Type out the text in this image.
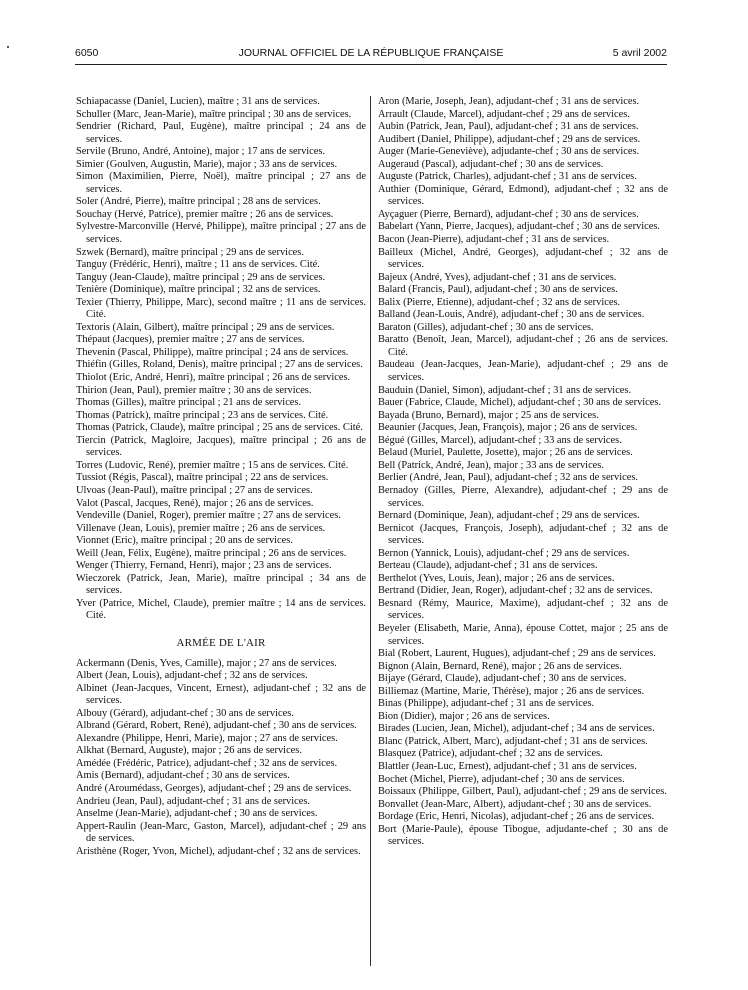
6050	JOURNAL OFFICIEL DE LA RÉPUBLIQUE FRANÇAISE	5 avril 2002
Schiapacasse (Daniel, Lucien), maître ; 31 ans de services.
Schuller (Marc, Jean-Marie), maître principal ; 30 ans de services.
Sendrier (Richard, Paul, Eugène), maître principal ; 24 ans de services.
Servile (Bruno, André, Antoine), major ; 17 ans de services.
Simier (Goulven, Augustin, Marie), major ; 33 ans de services.
Simon (Maximilien, Pierre, Noël), maître principal ; 27 ans de services.
Soler (André, Pierre), maître principal ; 28 ans de services.
Souchay (Hervé, Patrice), premier maître ; 26 ans de services.
Sylvestre-Marconville (Hervé, Philippe), maître principal ; 27 ans de services.
Szwek (Bernard), maître principal ; 29 ans de services.
Tanguy (Frédéric, Henri), maître ; 11 ans de services. Cité.
Tanguy (Jean-Claude), maître principal ; 29 ans de services.
Tenière (Dominique), maître principal ; 32 ans de services.
Texier (Thierry, Philippe, Marc), second maître ; 11 ans de services. Cité.
Textoris (Alain, Gilbert), maître principal ; 29 ans de services.
Thépaut (Jacques), premier maître ; 27 ans de services.
Thevenin (Pascal, Philippe), maître principal ; 24 ans de services.
Thiéfin (Gilles, Roland, Denis), maître principal ; 27 ans de services.
Thiolot (Eric, André, Henri), maître principal ; 26 ans de services.
Thirion (Jean, Paul), premier maître ; 30 ans de services.
Thomas (Gilles), maître principal ; 21 ans de services.
Thomas (Patrick), maître principal ; 23 ans de services. Cité.
Thomas (Patrick, Claude), maître principal ; 25 ans de services. Cité.
Tiercin (Patrick, Magloire, Jacques), maître principal ; 26 ans de services.
Torres (Ludovic, René), premier maître ; 15 ans de services. Cité.
Tussiot (Régis, Pascal), maître principal ; 22 ans de services.
Ulvoas (Jean-Paul), maître principal ; 27 ans de services.
Valot (Pascal, Jacques, René), major ; 26 ans de services.
Vendeville (Daniel, Roger), premier maître ; 27 ans de services.
Villenave (Jean, Louis), premier maître ; 26 ans de services.
Vionnet (Eric), maître principal ; 20 ans de services.
Weill (Jean, Félix, Eugène), maître principal ; 26 ans de services.
Wenger (Thierry, Fernand, Henri), major ; 23 ans de services.
Wieczorek (Patrick, Jean, Marie), maître principal ; 34 ans de services.
Yver (Patrice, Michel, Claude), premier maître ; 14 ans de services. Cité.
ARMÉE DE L'AIR
Ackermann (Denis, Yves, Camille), major ; 27 ans de services.
Albert (Jean, Louis), adjudant-chef ; 32 ans de services.
Albinet (Jean-Jacques, Vincent, Ernest), adjudant-chef ; 32 ans de services.
Albouy (Gérard), adjudant-chef ; 30 ans de services.
Albrand (Gérard, Robert, René), adjudant-chef ; 30 ans de services.
Alexandre (Philippe, Henri, Marie), major ; 27 ans de services.
Alkhat (Bernard, Auguste), major ; 26 ans de services.
Amédée (Frédéric, Patrice), adjudant-chef ; 32 ans de services.
Amis (Bernard), adjudant-chef ; 30 ans de services.
André (Aroumédass, Georges), adjudant-chef ; 29 ans de services.
Andrieu (Jean, Paul), adjudant-chef ; 31 ans de services.
Anselme (Jean-Marie), adjudant-chef ; 30 ans de services.
Appert-Raulin (Jean-Marc, Gaston, Marcel), adjudant-chef ; 29 ans de services.
Aristhène (Roger, Yvon, Michel), adjudant-chef ; 32 ans de services.
Aron (Marie, Joseph, Jean), adjudant-chef ; 31 ans de services.
Arrault (Claude, Marcel), adjudant-chef ; 29 ans de services.
Aubin (Patrick, Jean, Paul), adjudant-chef ; 31 ans de services.
Audibert (Daniel, Philippe), adjudant-chef ; 29 ans de services.
Auger (Marie-Geneviève), adjudante-chef ; 30 ans de services.
Augeraud (Pascal), adjudant-chef ; 30 ans de services.
Auguste (Patrick, Charles), adjudant-chef ; 31 ans de services.
Authier (Dominique, Gérard, Edmond), adjudant-chef ; 32 ans de services.
Ayçaguer (Pierre, Bernard), adjudant-chef ; 30 ans de services.
Babelart (Yann, Pierre, Jacques), adjudant-chef ; 30 ans de services.
Bacon (Jean-Pierre), adjudant-chef ; 31 ans de services.
Bailleux (Michel, André, Georges), adjudant-chef ; 32 ans de services.
Bajeux (André, Yves), adjudant-chef ; 31 ans de services.
Balard (Francis, Paul), adjudant-chef ; 30 ans de services.
Balix (Pierre, Etienne), adjudant-chef ; 32 ans de services.
Balland (Jean-Louis, André), adjudant-chef ; 30 ans de services.
Baraton (Gilles), adjudant-chef ; 30 ans de services.
Baratto (Benoît, Jean, Marcel), adjudant-chef ; 26 ans de services. Cité.
Baudeau (Jean-Jacques, Jean-Marie), adjudant-chef ; 29 ans de services.
Bauduin (Daniel, Simon), adjudant-chef ; 31 ans de services.
Bauer (Fabrice, Claude, Michel), adjudant-chef ; 30 ans de services.
Bayada (Bruno, Bernard), major ; 25 ans de services.
Beaunier (Jacques, Jean, François), major ; 26 ans de services.
Bégué (Gilles, Marcel), adjudant-chef ; 33 ans de services.
Belaud (Muriel, Paulette, Josette), major ; 26 ans de services.
Bell (Patrick, André, Jean), major ; 33 ans de services.
Berlier (André, Jean, Paul), adjudant-chef ; 32 ans de services.
Bernadoy (Gilles, Pierre, Alexandre), adjudant-chef ; 29 ans de services.
Bernard (Dominique, Jean), adjudant-chef ; 29 ans de services.
Bernicot (Jacques, François, Joseph), adjudant-chef ; 32 ans de services.
Bernon (Yannick, Louis), adjudant-chef ; 29 ans de services.
Berteau (Claude), adjudant-chef ; 31 ans de services.
Berthelot (Yves, Louis, Jean), major ; 26 ans de services.
Bertrand (Didier, Jean, Roger), adjudant-chef ; 32 ans de services.
Besnard (Rémy, Maurice, Maxime), adjudant-chef ; 32 ans de services.
Beyeler (Elisabeth, Marie, Anna), épouse Cottet, major ; 25 ans de services.
Bial (Robert, Laurent, Hugues), adjudant-chef ; 29 ans de services.
Bignon (Alain, Bernard, René), major ; 26 ans de services.
Bijaye (Gérard, Claude), adjudant-chef ; 30 ans de services.
Billiemaz (Martine, Marie, Thérèse), major ; 26 ans de services.
Binas (Philippe), adjudant-chef ; 31 ans de services.
Bion (Didier), major ; 26 ans de services.
Birades (Lucien, Jean, Michel), adjudant-chef ; 34 ans de services.
Blanc (Patrick, Albert, Marc), adjudant-chef ; 31 ans de services.
Blasquez (Patrice), adjudant-chef ; 32 ans de services.
Blattler (Jean-Luc, Ernest), adjudant-chef ; 31 ans de services.
Bochet (Michel, Pierre), adjudant-chef ; 30 ans de services.
Boissaux (Philippe, Gilbert, Paul), adjudant-chef ; 29 ans de services.
Bonvallet (Jean-Marc, Albert), adjudant-chef ; 30 ans de services.
Bordage (Eric, Henri, Nicolas), adjudant-chef ; 26 ans de services.
Bort (Marie-Paule), épouse Tibogue, adjudante-chef ; 30 ans de services.
